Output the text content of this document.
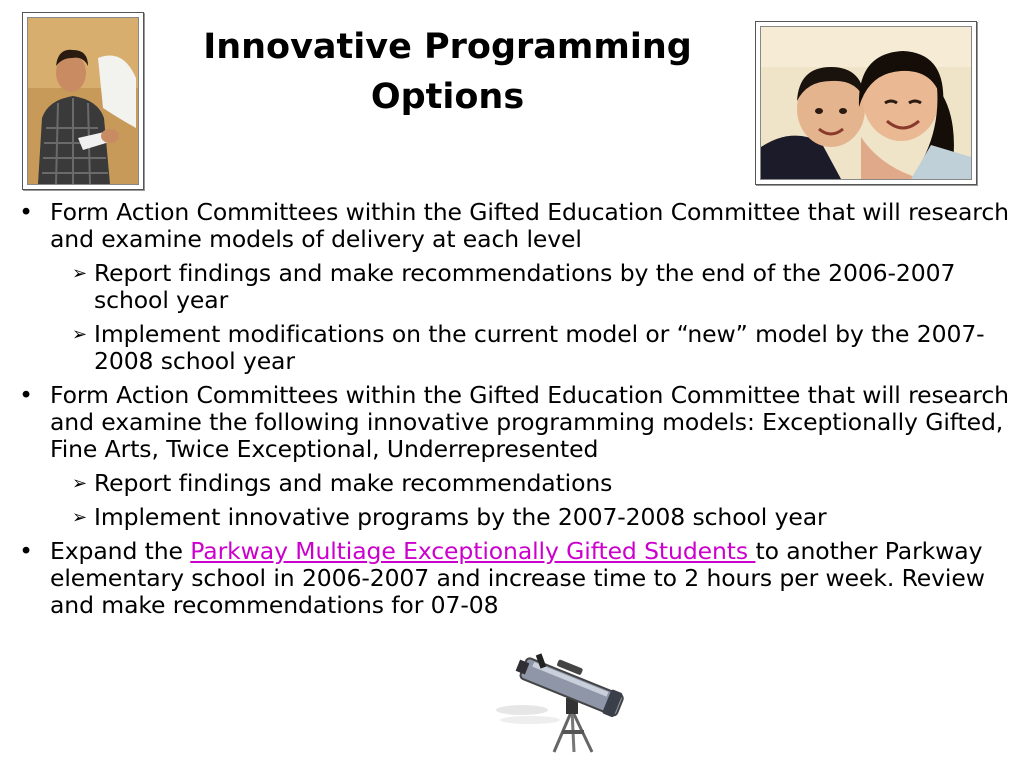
Innovative Programming Options
• Form Action Committees within the Gifted Education Committee that will research and examine models of delivery at each level
➢ Report findings and make recommendations by the end of the 2006-2007 school year
➢ Implement modifications on the current model or “new” model by the 2007-2008 school year
• Form Action Committees within the Gifted Education Committee that will research and examine the following innovative programming models: Exceptionally Gifted, Fine Arts, Twice Exceptional, Underrepresented
➢ Report findings and make recommendations
➢ Implement innovative programs by the 2007-2008 school year
• Expand the Parkway Multiage Exceptionally Gifted Students to another Parkway elementary school in 2006-2007 and increase time to 2 hours per week. Review and make recommendations for 07-08
